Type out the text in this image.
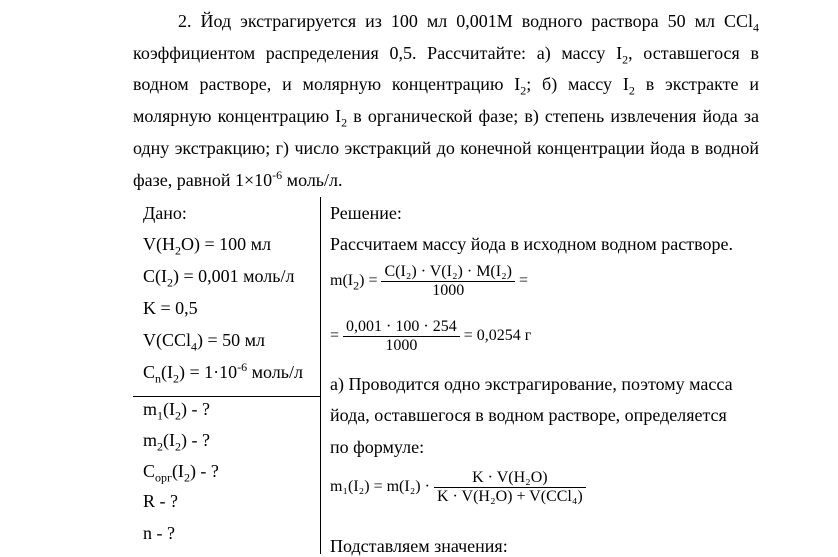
2. Йод экстрагируется из 100 мл 0,001М водного раствора 50 мл CCl$_4$ коэффициентом распределения 0,5. Рассчитайте: а) массу $I_2$, оставшегося в водном растворе, и молярную концентрацию $I_2$; б) массу $I_2$ в экстракте и молярную концентрацию $I_2$ в органической фазе; в) степень извлечения йода за одну экстракцию; г) число экстракций до конечной концентрации йода в водной фазе, равной $1\times 10^{-6}$ моль/л.

Дано:
$V(H_2O) = 100$ мл
$C(I_2) = 0,001$ моль/л
K = 0,5
V(CCl$_4$) = 50 мл
$C_n(I_2) = 1\cdot 10^{-6}$ моль/л
$m_1(I_2)$ - ?
$m_2(I_2)$ - ?
$C_{орг}(I_2)$ - ?
R - ?
n - ?
Решение:
Рассчитаем массу йода в исходном водном растворе.
$m(I_2) = \frac{\text{C(I₂) · V(I₂) · M(I₂)}}{1000}$ =
= $\frac{0,001 \cdot 100 \cdot 254}{1000} = 0,0254$ г
а) Проводится одно экстрагирование, поэтому масса
йода, оставшегося в водном растворе, определяется
по формуле:
$m_1(I_2) = m(I_2) \cdot \frac{\text{K · V(H₂O)}}{\text{K · V(H₂O) + V(CCl₄)}}$
Подставляем значения:
